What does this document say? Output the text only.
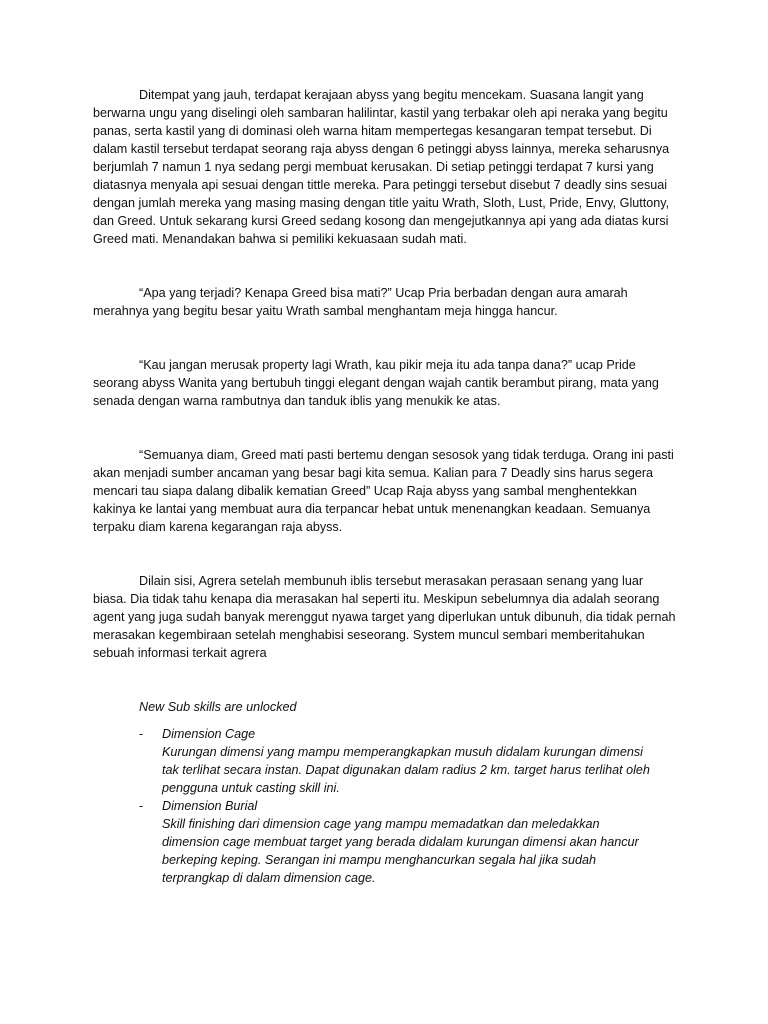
Ditempat yang jauh, terdapat kerajaan abyss yang begitu mencekam. Suasana langit yang berwarna ungu yang diselingi oleh sambaran halilintar, kastil yang terbakar oleh api neraka yang begitu panas, serta kastil yang di dominasi oleh warna hitam mempertegas kesangaran tempat tersebut. Di dalam kastil tersebut terdapat seorang raja abyss dengan 6 petinggi abyss lainnya, mereka seharusnya berjumlah 7 namun 1 nya sedang pergi membuat kerusakan. Di setiap petinggi terdapat 7 kursi yang diatasnya menyala api sesuai dengan tittle mereka. Para petinggi tersebut disebut 7 deadly sins sesuai dengan jumlah mereka yang masing masing dengan title yaitu Wrath, Sloth, Lust, Pride, Envy, Gluttony, dan Greed. Untuk sekarang kursi Greed sedang kosong dan mengejutkannya api yang ada diatas kursi Greed mati. Menandakan bahwa si pemiliki kekuasaan sudah mati.

“Apa yang terjadi? Kenapa Greed bisa mati?” Ucap Pria berbadan dengan aura amarah merahnya yang begitu besar yaitu Wrath sambal menghantam meja hingga hancur.

“Kau jangan merusak property lagi Wrath, kau pikir meja itu ada tanpa dana?” ucap Pride seorang abyss Wanita yang bertubuh tinggi elegant dengan wajah cantik berambut pirang, mata yang senada dengan warna rambutnya dan tanduk iblis yang menukik ke atas.

“Semuanya diam, Greed mati pasti bertemu dengan sesosok yang tidak terduga. Orang ini pasti akan menjadi sumber ancaman yang besar bagi kita semua. Kalian para 7 Deadly sins harus segera mencari tau siapa dalang dibalik kematian Greed” Ucap Raja abyss yang sambal menghentekkan kakinya ke lantai yang membuat aura dia terpancar hebat untuk menenangkan keadaan. Semuanya terpaku diam karena kegarangan raja abyss.

Dilain sisi, Agrera setelah membunuh iblis tersebut merasakan perasaan senang yang luar biasa. Dia tidak tahu kenapa dia merasakan hal seperti itu. Meskipun sebelumnya dia adalah seorang agent yang juga sudah banyak merenggut nyawa target yang diperlukan untuk dibunuh, dia tidak pernah merasakan kegembiraan setelah menghabisi seseorang. System muncul sembari memberitahukan sebuah informasi terkait agrera

New Sub skills are unlocked

- Dimension Cage
Kurungan dimensi yang mampu memperangkapkan musuh didalam kurungan dimensi tak terlihat secara instan. Dapat digunakan dalam radius 2 km. target harus terlihat oleh pengguna untuk casting skill ini.
- Dimension Burial
Skill finishing dari dimension cage yang mampu memadatkan dan meledakkan dimension cage membuat target yang berada didalam kurungan dimensi akan hancur berkeping keping. Serangan ini mampu menghancurkan segala hal jika sudah terprangkap di dalam dimension cage.
